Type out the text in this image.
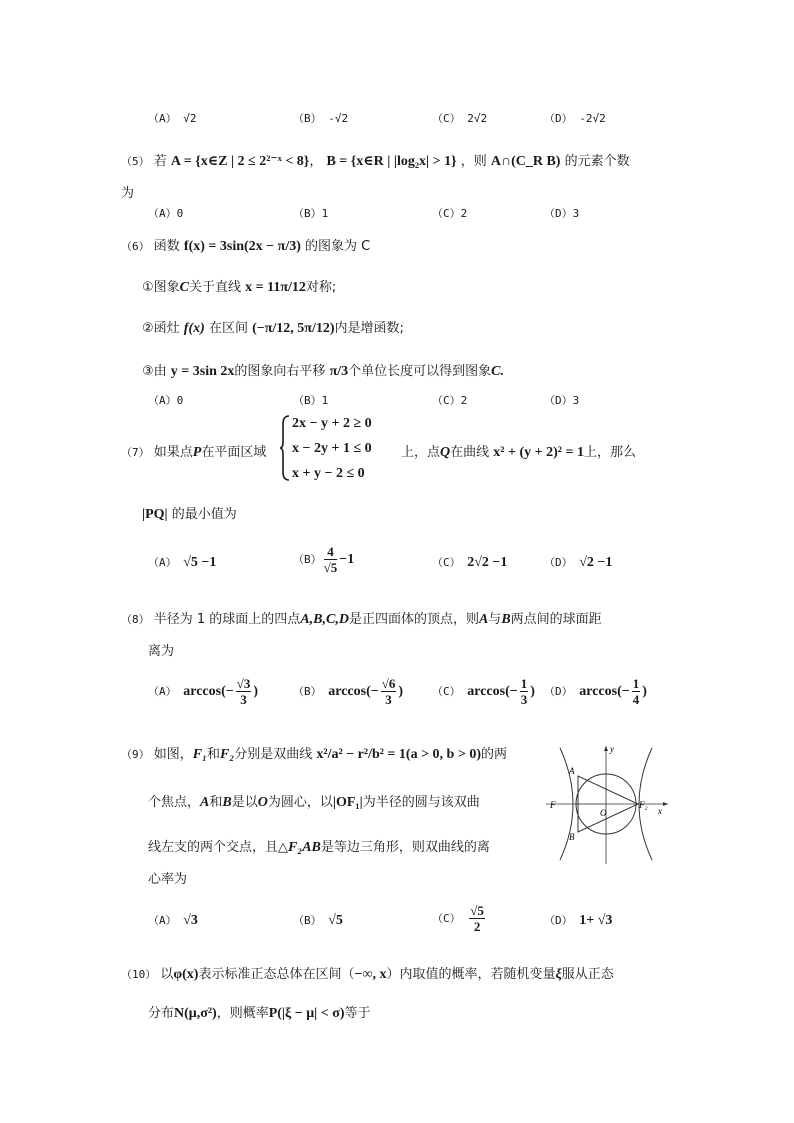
（A） √2	（B） -√2	（C） 2√2	（D） -2√2
（5） 若 A = {x∈Z | 2 ≤ 2²⁻ˣ < 8}， B = {x∈R | |log₂x| > 1} ，则 A∩(C_R B) 的元素个数
为
（A）0	（B）1	（C）2	（D）3
（6） 函数 f(x) = 3sin(2x − π/3) 的图象为 C
①图象C关于直线 x = 11π/12对称;
②函灶 f(x) 在区间 (−π/12, 5π/12)内是增函数;
③由 y = 3sin 2x的图象向右平移 π/3个单位长度可以得到图象C.
（A）0	（B）1	（C）2	（D）3
（7） 如果点P在平面区域
2x − y + 2 ≥ 0
x − 2y + 1 ≤ 0
x + y − 2 ≤ 0
上，点Q在曲线 x² + (y + 2)² = 1上，那么
|PQ| 的最小值为
（A） √5 −1	$(B) \frac{4}{√5} -1$	（C） 2√2 −1	（D） √2 −1
（8） 半径为 1 的球面上的四点A,B,C,D是正四面体的顶点，则A与B两点间的球面距
离为
（A） $\arccos(- \frac{√3}{3}$ )	（B） $\arccos(- \frac{√6}{3}$ )	（C） $\arccos(- \frac{1}{3}$ ) （D） $\arccos(- \frac{1}{4}$ )
（9） 如图，F₁和F₂分别是双曲线 x²/a² − r²/b² = 1(a > 0, b > 0)的两
个焦点，A和B是以O为圆心，以|OF₁|为半径的圆与该双曲
线左支的两个交点，且△F₂AB是等边三角形，则双曲线的离
心率为
y
A
B
O
F	F₂
x
（A） √3	（B） √5	$(C) \frac{√5}{2}$	（D） 1+ √3
（10） 以φ(x)表示标准正态总体在区间（−∞, x）内取值的概率，若随机变量ξ服从正态
分布N(μ,σ²)，则概率P(|ξ − μ| < σ)等于
